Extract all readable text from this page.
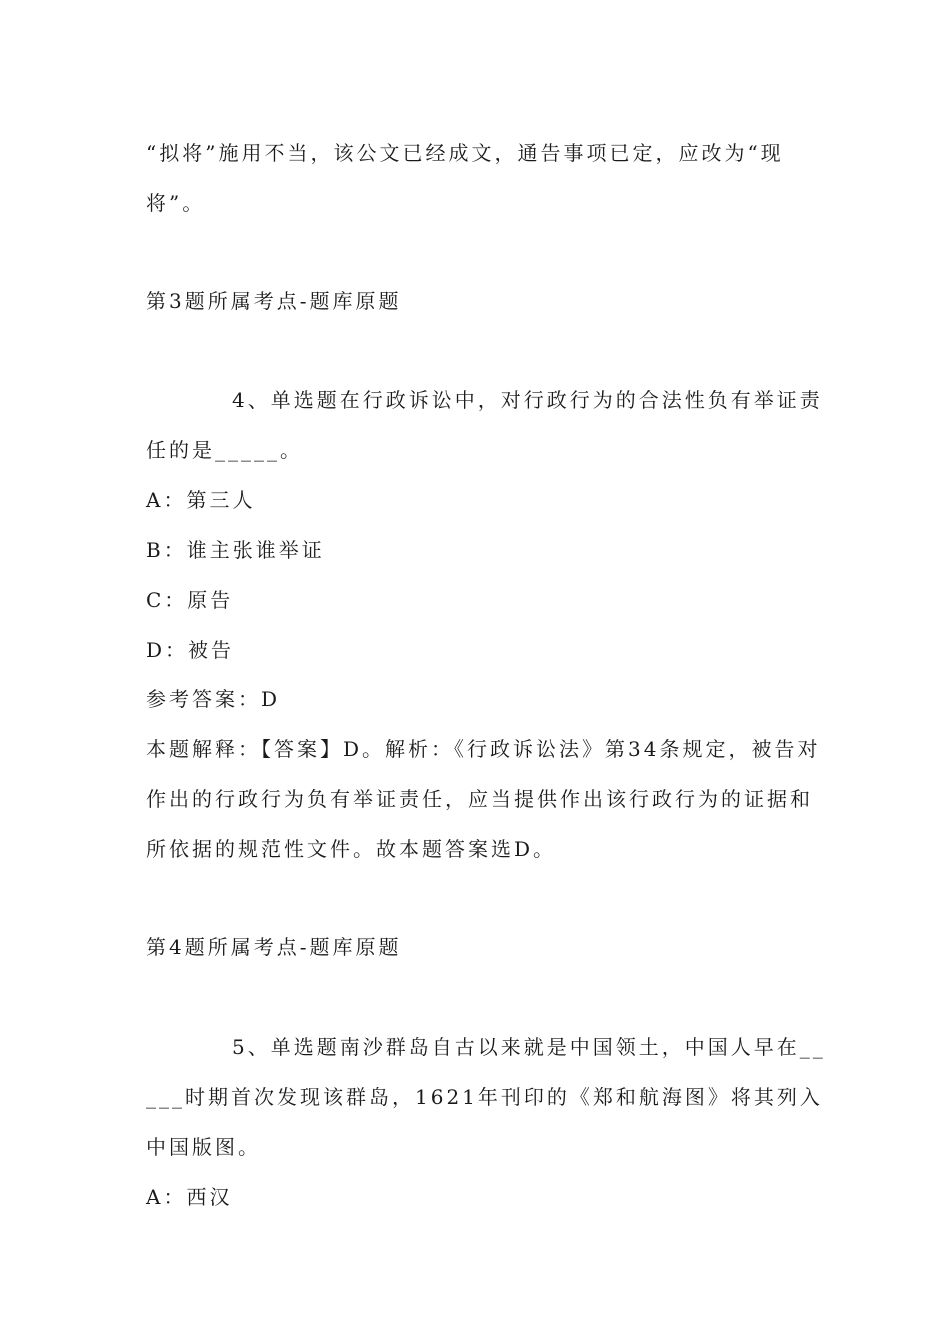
“拟将”施用不当，该公文已经成文，通告事项已定，应改为“现
将”。
第3题所属考点-题库原题
4、单选题在行政诉讼中，对行政行为的合法性负有举证责
任的是_____。
A：第三人
B：谁主张谁举证
C：原告
D：被告
参考答案：D
本题解释：【答案】D。解析：《行政诉讼法》第34条规定，被告对
作出的行政行为负有举证责任，应当提供作出该行政行为的证据和
所依据的规范性文件。故本题答案选D。
第4题所属考点-题库原题
5、单选题南沙群岛自古以来就是中国领土，中国人早在__
___时期首次发现该群岛，1621年刊印的《郑和航海图》将其列入
中国版图。
A：西汉
